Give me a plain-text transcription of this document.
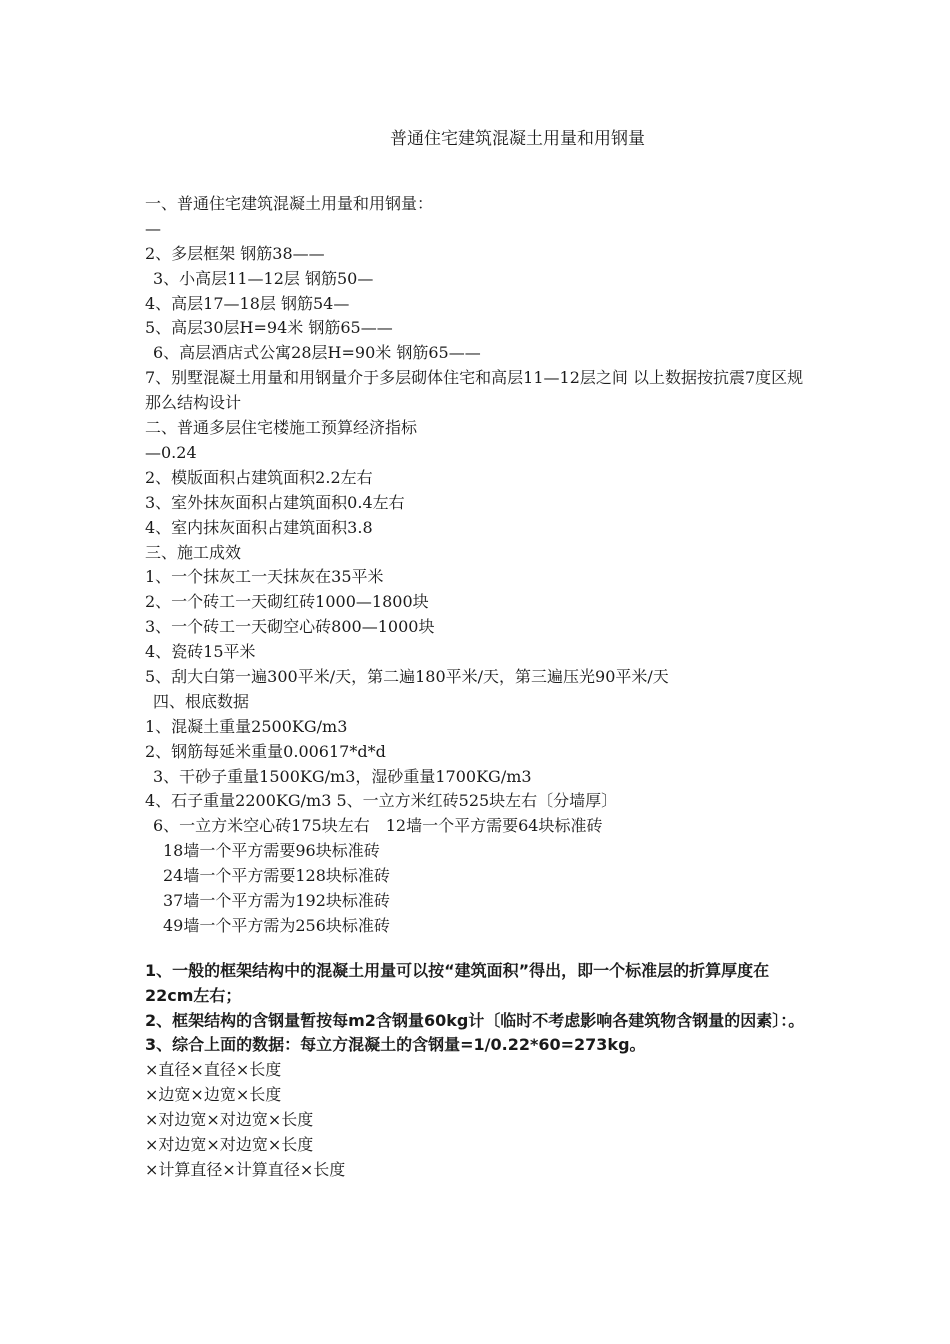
普通住宅建筑混凝土用量和用钢量
一、普通住宅建筑混凝土用量和用钢量：
—
2、多层框架 钢筋38——
3、小高层11—12层 钢筋50—
4、高层17—18层 钢筋54—
5、高层30层H=94米 钢筋65——
6、高层酒店式公寓28层H=90米 钢筋65——
7、别墅混凝土用量和用钢量介于多层砌体住宅和高层11—12层之间 以上数据按抗震7度区规那么结构设计
二、普通多层住宅楼施工预算经济指标
—0.24
2、模版面积占建筑面积2.2左右
3、室外抹灰面积占建筑面积0.4左右
4、室内抹灰面积占建筑面积3.8
三、施工成效
1、一个抹灰工一天抹灰在35平米
2、一个砖工一天砌红砖1000—1800块
3、一个砖工一天砌空心砖800—1000块
4、瓷砖15平米
5、刮大白第一遍300平米/天，第二遍180平米/天，第三遍压光90平米/天
四、根底数据
1、混凝土重量2500KG/m3
2、钢筋每延米重量0.00617*d*d
3、干砂子重量1500KG/m3，湿砂重量1700KG/m3
4、石子重量2200KG/m3 5、一立方米红砖525块左右〔分墙厚〕
6、一立方米空心砖175块左右　12墙一个平方需要64块标准砖
18墙一个平方需要96块标准砖
24墙一个平方需要128块标准砖
37墙一个平方需为192块标准砖
49墙一个平方需为256块标准砖
1、一般的框架结构中的混凝土用量可以按“建筑面积”得出，即一个标准层的折算厚度在22cm左右；
2、框架结构的含钢量暂按每m2含钢量60kg计〔临时不考虑影响各建筑物含钢量的因素〕：。
3、综合上面的数据：每立方混凝土的含钢量=1/0.22*60=273kg。
×直径×直径×长度
×边宽×边宽×长度
×对边宽×对边宽×长度
×对边宽×对边宽×长度
×计算直径×计算直径×长度
